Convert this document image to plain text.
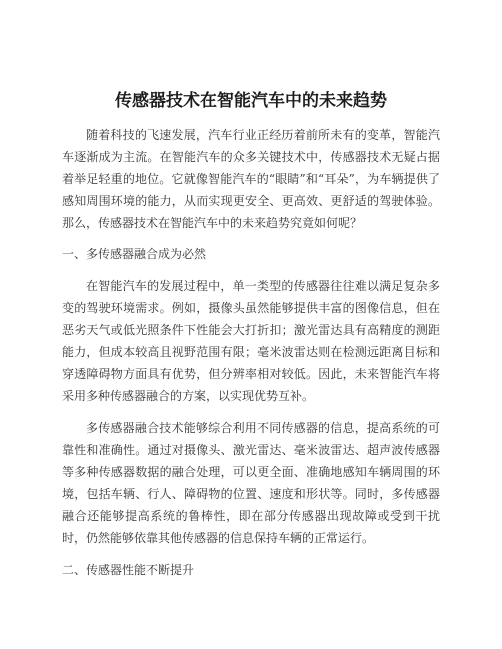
传感器技术在智能汽车中的未来趋势

随着科技的飞速发展，汽车行业正经历着前所未有的变革，智能汽车逐渐成为主流。在智能汽车的众多关键技术中，传感器技术无疑占据着举足轻重的地位。它就像智能汽车的“眼睛”和“耳朵”，为车辆提供了感知周围环境的能力，从而实现更安全、更高效、更舒适的驾驶体验。那么，传感器技术在智能汽车中的未来趋势究竟如何呢？

一、多传感器融合成为必然

在智能汽车的发展过程中，单一类型的传感器往往难以满足复杂多变的驾驶环境需求。例如，摄像头虽然能够提供丰富的图像信息，但在恶劣天气或低光照条件下性能会大打折扣；激光雷达具有高精度的测距能力，但成本较高且视野范围有限；毫米波雷达则在检测远距离目标和穿透障碍物方面具有优势，但分辨率相对较低。因此，未来智能汽车将采用多种传感器融合的方案，以实现优势互补。

多传感器融合技术能够综合利用不同传感器的信息，提高系统的可靠性和准确性。通过对摄像头、激光雷达、毫米波雷达、超声波传感器等多种传感器数据的融合处理，可以更全面、准确地感知车辆周围的环境，包括车辆、行人、障碍物的位置、速度和形状等。同时，多传感器融合还能够提高系统的鲁棒性，即在部分传感器出现故障或受到干扰时，仍然能够依靠其他传感器的信息保持车辆的正常运行。

二、传感器性能不断提升
